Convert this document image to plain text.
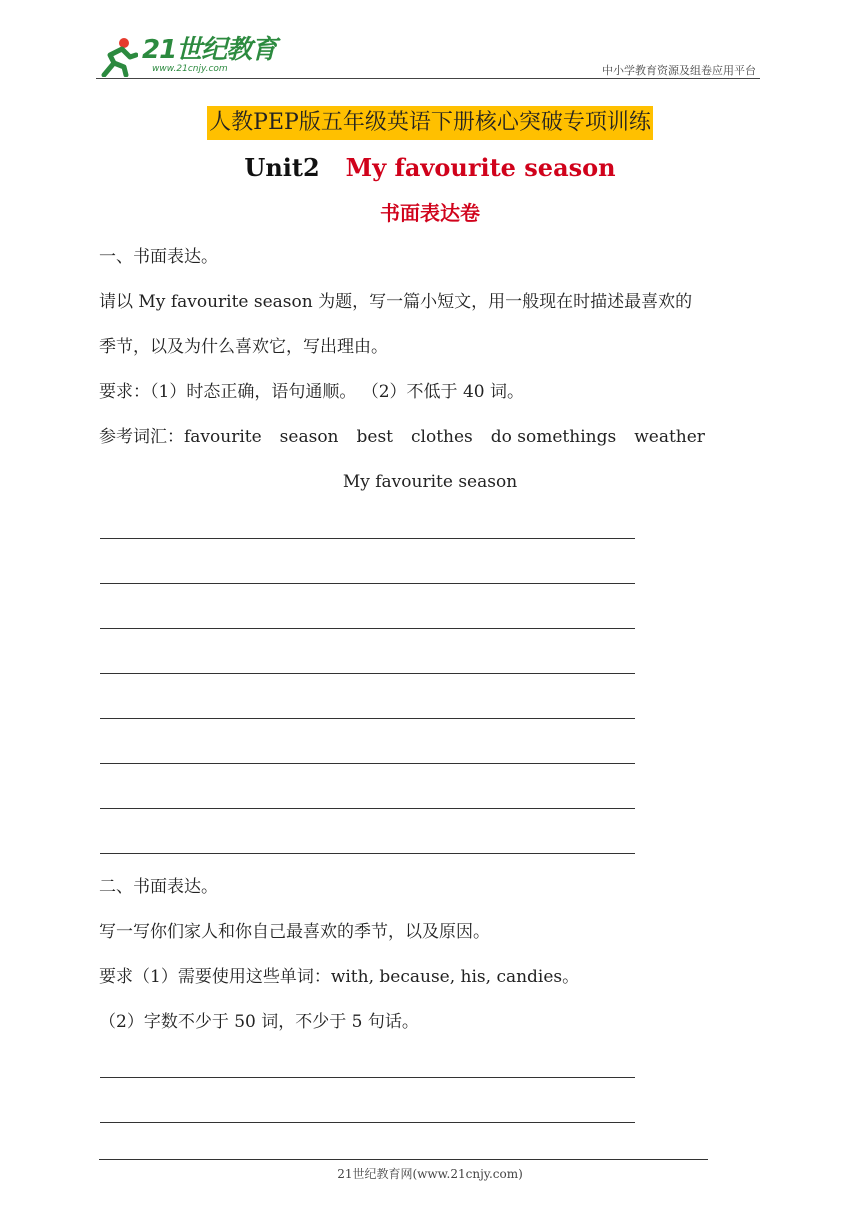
21世纪教育
www.21cnjy.com	中小学教育资源及组卷应用平台
人教PEP版五年级英语下册核心突破专项训练
Unit2 My favourite season
书面表达卷
一、书面表达。
请以 My favourite season 为题，写一篇小短文，用一般现在时描述最喜欢的
季节，以及为什么喜欢它，写出理由。
要求：（1）时态正确，语句通顺。 （2）不低于 40 词。
参考词汇：favourite season best clothes do somethings weather
My favourite season
二、书面表达。
写一写你们家人和你自己最喜欢的季节，以及原因。
要求（1）需要使用这些单词：with, because, his, candies。
（2）字数不少于 50 词，不少于 5 句话。
21世纪教育网(www.21cnjy.com)
